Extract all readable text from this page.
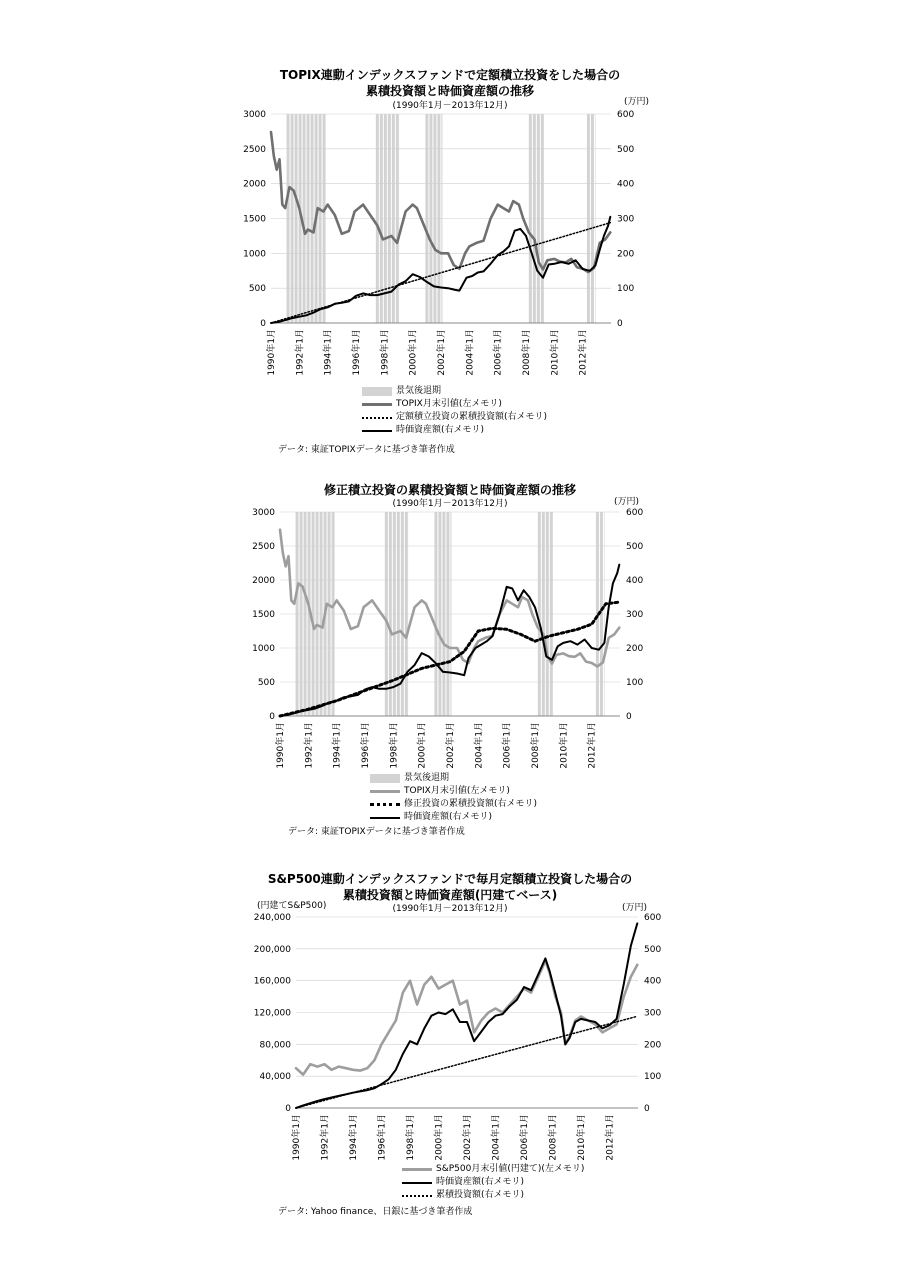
TOPIX連動インデックスファンドで定額積立投資をした場合の
累積投資額と時価資産額の推移
(1990年1月－2013年12月)	(万円)
0	0
500	100
1000	200
1500	300
2000	400
2500	500
3000	600
1990年1月 1992年1月 1994年1月 1996年1月 1998年1月 2000年1月 2002年1月 2004年1月 2006年1月 2008年1月 2010年1月 2012年1月
景気後退期
TOPIX月末引値(左メモリ)
定額積立投資の累積投資額(右メモリ)
時価資産額(右メモリ)
データ: 東証TOPIXデータに基づき筆者作成
修正積立投資の累積投資額と時価資産額の推移
(1990年1月－2013年12月)	(万円)
0	0
500	100
1000	200
1500	300
2000	400
2500	500
3000	600
1990年1月 1992年1月 1994年1月 1996年1月 1998年1月 2000年1月 2002年1月 2004年1月 2006年1月 2008年1月 2010年1月 2012年1月
景気後退期
TOPIX月末引値(左メモリ)
修正投資の累積投資額(右メモリ)
時価資産額(右メモリ)
データ: 東証TOPIXデータに基づき筆者作成
S&P500連動インデックスファンドで毎月定額積立投資した場合の
累積投資額と時価資産額(円建てベース)
(1990年1月－2013年12月)
(円建てS&P500)	(万円)
0	0
40,000	100
80,000	200
120,000	300
160,000	400
200,000	500
240,000	600
1990年1月 1992年1月 1994年1月 1996年1月 1998年1月 2000年1月 2002年1月 2004年1月 2006年1月 2008年1月 2010年1月 2012年1月
S&P500月末引値(円建て)(左メモリ)
時価資産額(右メモリ)
累積投資額(右メモリ)
データ: Yahoo finance、日銀に基づき筆者作成
